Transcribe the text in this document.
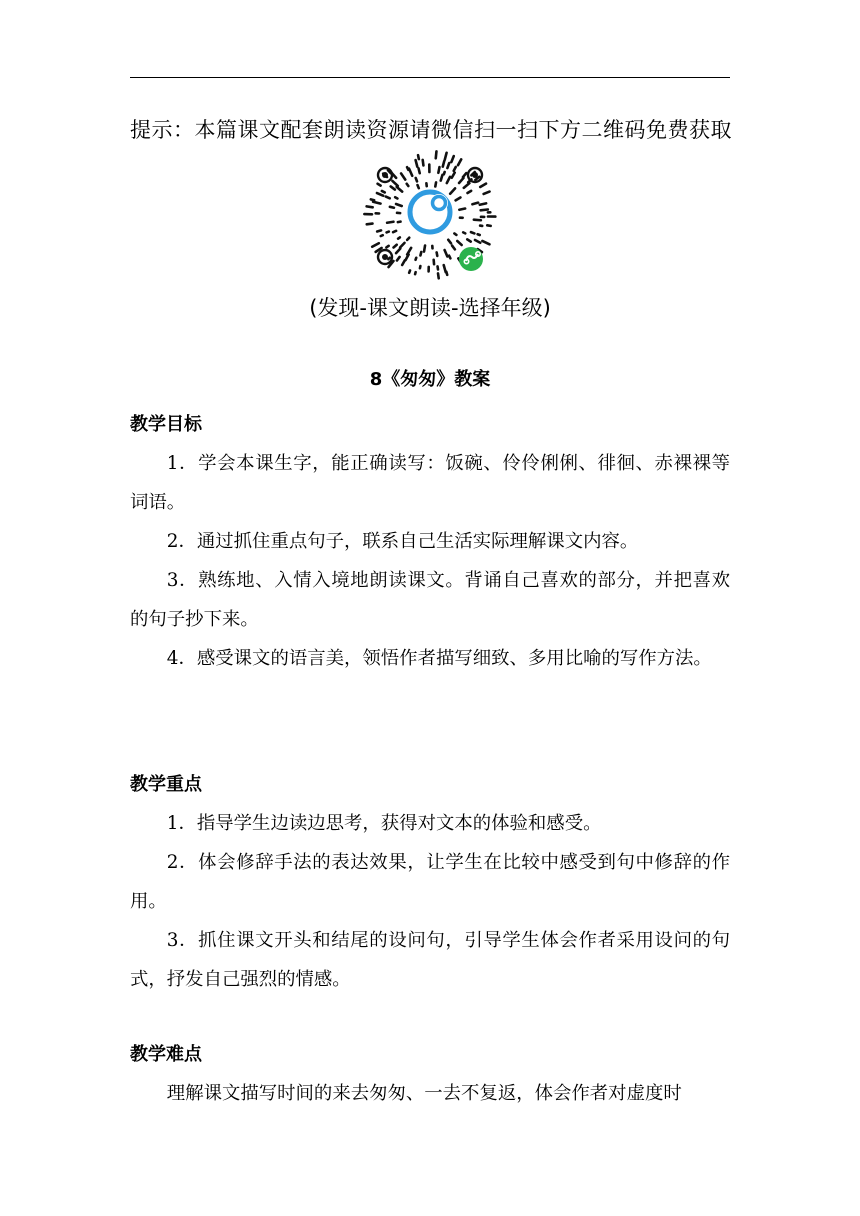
提示：本篇课文配套朗读资源请微信扫一扫下方二维码免费获取
(发现-课文朗读-选择年级)
8《匆匆》教案
教学目标
1．学会本课生字，能正确读写：饭碗、伶伶俐俐、徘徊、赤裸裸等词语。
2．通过抓住重点句子，联系自己生活实际理解课文内容。
3．熟练地、入情入境地朗读课文。背诵自己喜欢的部分，并把喜欢的句子抄下来。
4．感受课文的语言美，领悟作者描写细致、多用比喻的写作方法。
教学重点
1．指导学生边读边思考，获得对文本的体验和感受。
2．体会修辞手法的表达效果，让学生在比较中感受到句中修辞的作用。
3．抓住课文开头和结尾的设问句，引导学生体会作者采用设问的句式，抒发自己强烈的情感。
教学难点
理解课文描写时间的来去匆匆、一去不复返，体会作者对虚度时
